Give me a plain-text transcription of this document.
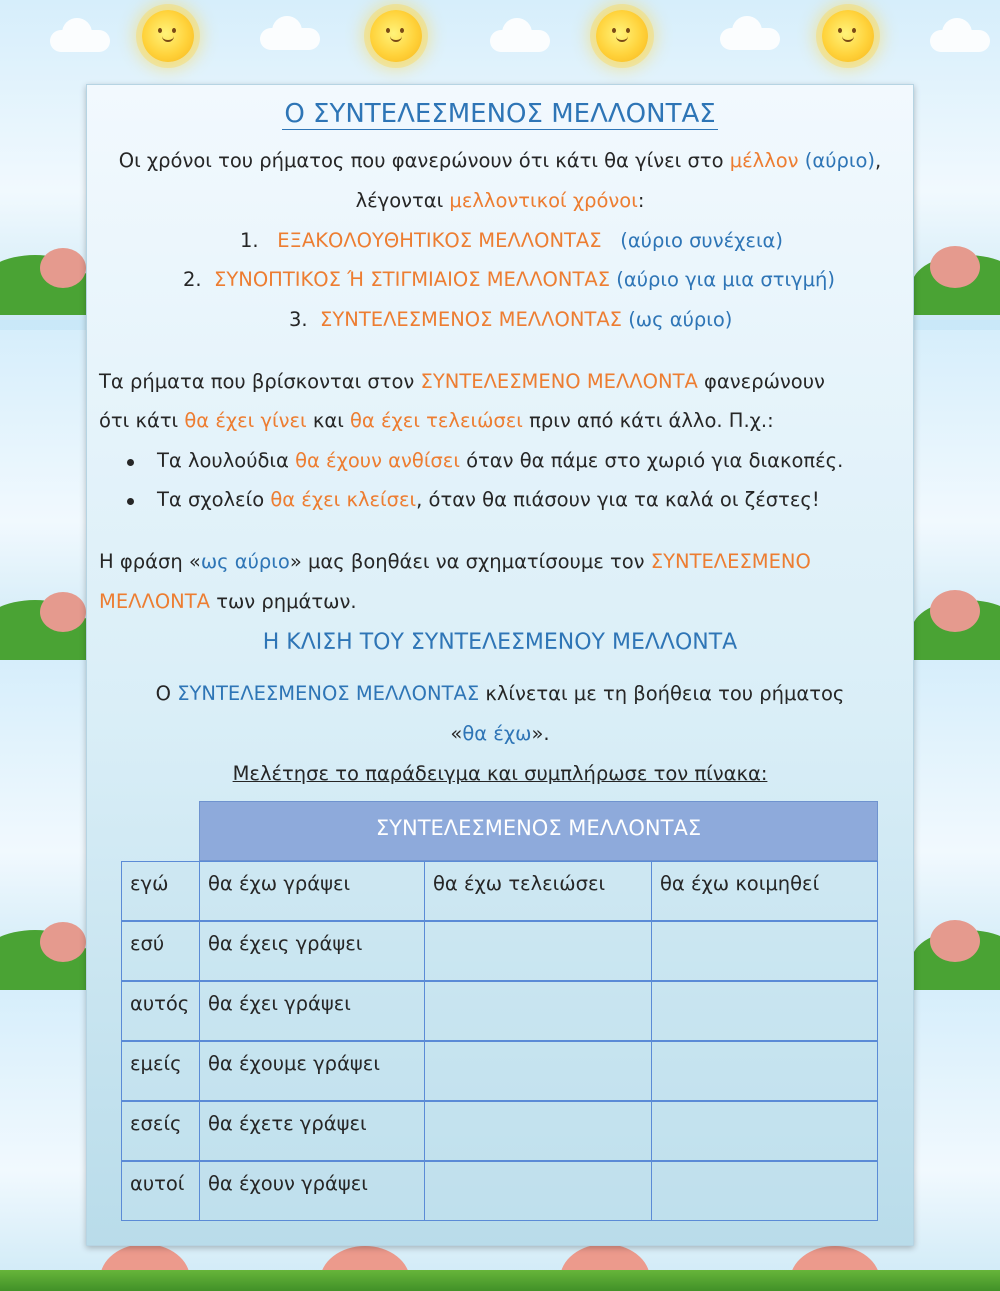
Ο ΣΥΝΤΕΛΕΣΜΕΝΟΣ ΜΕΛΛΟΝΤΑΣ
Οι χρόνοι του ρήματος που φανερώνουν ότι κάτι θα γίνει στο μέλλον (αύριο),
λέγονται μελλοντικοί χρόνοι:
1. ΕΞΑΚΟΛΟΥΘΗΤΙΚΟΣ ΜΕΛΛΟΝΤΑΣ (αύριο συνέχεια)
2. ΣΥΝΟΠΤΙΚΟΣ Ή ΣΤΙΓΜΙΑΙΟΣ ΜΕΛΛΟΝΤΑΣ (αύριο για μια στιγμή)
3. ΣΥΝΤΕΛΕΣΜΕΝΟΣ ΜΕΛΛΟΝΤΑΣ (ως αύριο)
Τα ρήματα που βρίσκονται στον ΣΥΝΤΕΛΕΣΜΕΝΟ ΜΕΛΛΟΝΤΑ φανερώνουν
ότι κάτι θα έχει γίνει και θα έχει τελειώσει πριν από κάτι άλλο. Π.χ.:
Τα λουλούδια θα έχουν ανθίσει όταν θα πάμε στο χωριό για διακοπές.
Τα σχολείο θα έχει κλείσει, όταν θα πιάσουν για τα καλά οι ζέστες!
Η φράση «ως αύριο» μας βοηθάει να σχηματίσουμε τον ΣΥΝΤΕΛΕΣΜΕΝΟ
ΜΕΛΛΟΝΤΑ των ρημάτων.
Η ΚΛΙΣΗ ΤΟΥ ΣΥΝΤΕΛΕΣΜΕΝΟΥ ΜΕΛΛΟΝΤΑ
Ο ΣΥΝΤΕΛΕΣΜΕΝΟΣ ΜΕΛΛΟΝΤΑΣ κλίνεται με τη βοήθεια του ρήματος
«θα έχω».
Μελέτησε το παράδειγμα και συμπλήρωσε τον πίνακα:
ΣΥΝΤΕΛΕΣΜΕΝΟΣ ΜΕΛΛΟΝΤΑΣ
εγώ	θα έχω γράψει	θα έχω τελειώσει	θα έχω κοιμηθεί
εσύ	θα έχεις γράψει
αυτός θα έχει γράψει
εμείς	θα έχουμε γράψει
εσείς	θα έχετε γράψει
αυτοί	θα έχουν γράψει
